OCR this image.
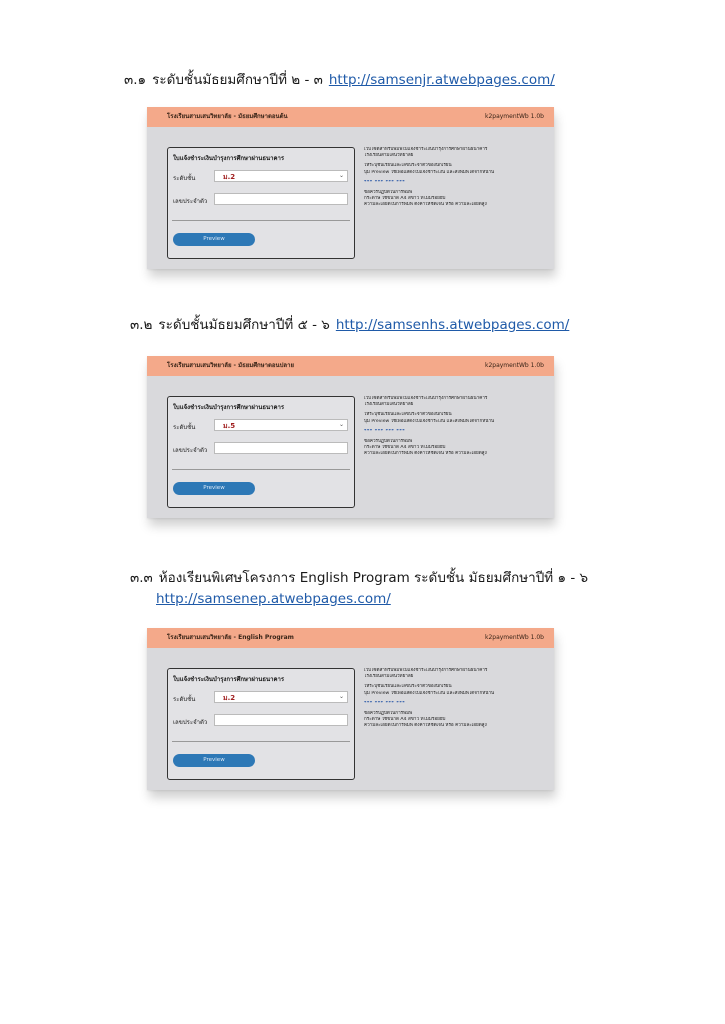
๓.๑ ระดับชั้นมัธยมศึกษาปีที่ ๒ - ๓ http://samsenjr.atwebpages.com/
โรงเรียนสามเสนวิทยาลัย - มัธยมศึกษาตอนต้น	k2paymentWb 1.0b
ใบแจ้งชำระเงินบำรุงการศึกษาผ่านธนาคาร
ระดับชั้น	ม.2	⌄
เลขประจำตัว
Preview

เว็บไซต์สำหรับพิมพ์ใบแจ้งชำระเงินบำรุงการศึกษาผ่านธนาคาร

โรงเรียนสามเสนวิทยาลัย

ให้ระบุชั้นเรียนและเลขประจำตัวของนักเรียน

ปุ่ม Preview ใช้เพื่อแสดงใบแจ้งชำระเงิน และสั่งพิมพ์ได้จากหน้านี้

*** *** *** ***

ข้อควรปฏิบัติในการพิมพ์

กระดาษ ใช้ขนาด A4 สีขาว ที่ไม่มีรอยยับ

ความละเอียดในการพิมพ์ ตั้งค่าให้ชัดเจน หรือ ความละเอียดสูง

๓.๒ ระดับชั้นมัธยมศึกษาปีที่ ๕ - ๖ http://samsenhs.atwebpages.com/
โรงเรียนสามเสนวิทยาลัย - มัธยมศึกษาตอนปลาย	k2paymentWb 1.0b
ใบแจ้งชำระเงินบำรุงการศึกษาผ่านธนาคาร
ระดับชั้น	ม.5	⌄
เลขประจำตัว
Preview

เว็บไซต์สำหรับพิมพ์ใบแจ้งชำระเงินบำรุงการศึกษาผ่านธนาคาร

โรงเรียนสามเสนวิทยาลัย

ให้ระบุชั้นเรียนและเลขประจำตัวของนักเรียน

ปุ่ม Preview ใช้เพื่อแสดงใบแจ้งชำระเงิน และสั่งพิมพ์ได้จากหน้านี้

*** *** *** ***

ข้อควรปฏิบัติในการพิมพ์

กระดาษ ใช้ขนาด A4 สีขาว ที่ไม่มีรอยยับ

ความละเอียดในการพิมพ์ ตั้งค่าให้ชัดเจน หรือ ความละเอียดสูง

๓.๓ ห้องเรียนพิเศษโครงการ English Program ระดับชั้น มัธยมศึกษาปีที่ ๑ - ๖
http://samsenep.atwebpages.com/
โรงเรียนสามเสนวิทยาลัย - English Program	k2paymentWb 1.0b
ใบแจ้งชำระเงินบำรุงการศึกษาผ่านธนาคาร
ระดับชั้น	ม.2	⌄
เลขประจำตัว
Preview

เว็บไซต์สำหรับพิมพ์ใบแจ้งชำระเงินบำรุงการศึกษาผ่านธนาคาร

โรงเรียนสามเสนวิทยาลัย

ให้ระบุชั้นเรียนและเลขประจำตัวของนักเรียน

ปุ่ม Preview ใช้เพื่อแสดงใบแจ้งชำระเงิน และสั่งพิมพ์ได้จากหน้านี้

*** *** *** ***

ข้อควรปฏิบัติในการพิมพ์

กระดาษ ใช้ขนาด A4 สีขาว ที่ไม่มีรอยยับ

ความละเอียดในการพิมพ์ ตั้งค่าให้ชัดเจน หรือ ความละเอียดสูง
